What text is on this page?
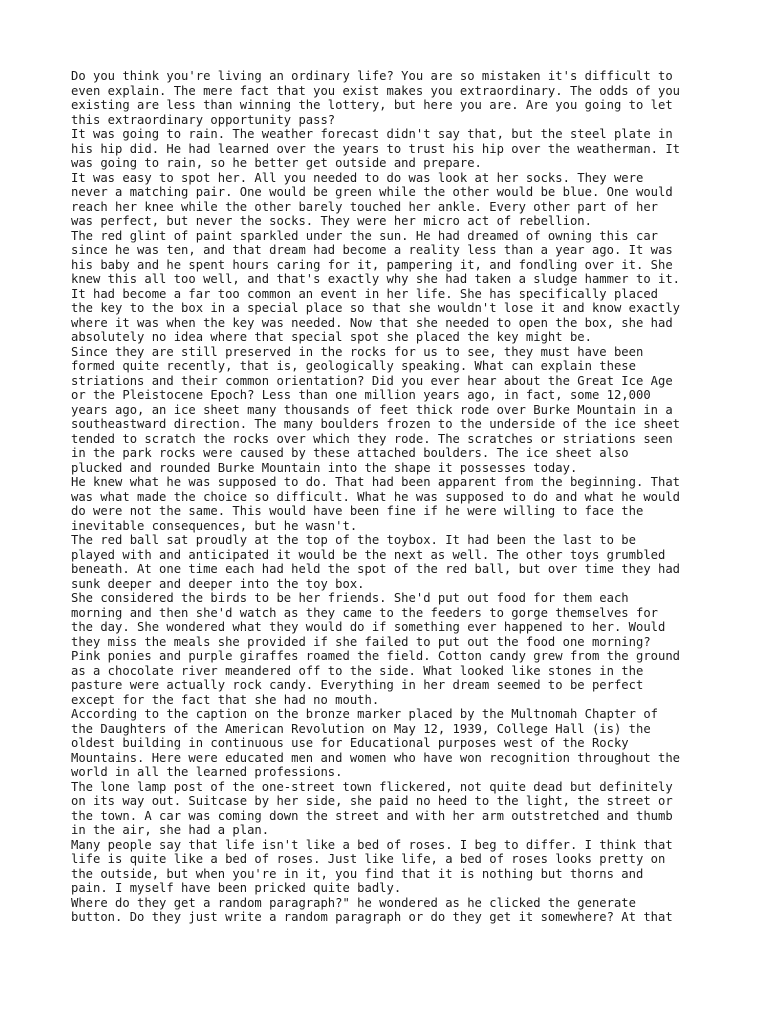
Do you think you're living an ordinary life? You are so mistaken it's difficult to
even explain. The mere fact that you exist makes you extraordinary. The odds of you
existing are less than winning the lottery, but here you are. Are you going to let
this extraordinary opportunity pass?

It was going to rain. The weather forecast didn't say that, but the steel plate in
his hip did. He had learned over the years to trust his hip over the weatherman. It
was going to rain, so he better get outside and prepare.

It was easy to spot her. All you needed to do was look at her socks. They were
never a matching pair. One would be green while the other would be blue. One would
reach her knee while the other barely touched her ankle. Every other part of her
was perfect, but never the socks. They were her micro act of rebellion.

The red glint of paint sparkled under the sun. He had dreamed of owning this car
since he was ten, and that dream had become a reality less than a year ago. It was
his baby and he spent hours caring for it, pampering it, and fondling over it. She
knew this all too well, and that's exactly why she had taken a sludge hammer to it.

It had become a far too common an event in her life. She has specifically placed
the key to the box in a special place so that she wouldn't lose it and know exactly
where it was when the key was needed. Now that she needed to open the box, she had
absolutely no idea where that special spot she placed the key might be.

Since they are still preserved in the rocks for us to see, they must have been
formed quite recently, that is, geologically speaking. What can explain these
striations and their common orientation? Did you ever hear about the Great Ice Age
or the Pleistocene Epoch? Less than one million years ago, in fact, some 12,000
years ago, an ice sheet many thousands of feet thick rode over Burke Mountain in a
southeastward direction. The many boulders frozen to the underside of the ice sheet
tended to scratch the rocks over which they rode. The scratches or striations seen
in the park rocks were caused by these attached boulders. The ice sheet also
plucked and rounded Burke Mountain into the shape it possesses today.

He knew what he was supposed to do. That had been apparent from the beginning. That
was what made the choice so difficult. What he was supposed to do and what he would
do were not the same. This would have been fine if he were willing to face the
inevitable consequences, but he wasn't.

The red ball sat proudly at the top of the toybox. It had been the last to be
played with and anticipated it would be the next as well. The other toys grumbled
beneath. At one time each had held the spot of the red ball, but over time they had
sunk deeper and deeper into the toy box.

She considered the birds to be her friends. She'd put out food for them each
morning and then she'd watch as they came to the feeders to gorge themselves for
the day. She wondered what they would do if something ever happened to her. Would
they miss the meals she provided if she failed to put out the food one morning?

Pink ponies and purple giraffes roamed the field. Cotton candy grew from the ground
as a chocolate river meandered off to the side. What looked like stones in the
pasture were actually rock candy. Everything in her dream seemed to be perfect
except for the fact that she had no mouth.

According to the caption on the bronze marker placed by the Multnomah Chapter of
the Daughters of the American Revolution on May 12, 1939, College Hall (is) the
oldest building in continuous use for Educational purposes west of the Rocky
Mountains. Here were educated men and women who have won recognition throughout the
world in all the learned professions.

The lone lamp post of the one-street town flickered, not quite dead but definitely
on its way out. Suitcase by her side, she paid no heed to the light, the street or
the town. A car was coming down the street and with her arm outstretched and thumb
in the air, she had a plan.

Many people say that life isn't like a bed of roses. I beg to differ. I think that
life is quite like a bed of roses. Just like life, a bed of roses looks pretty on
the outside, but when you're in it, you find that it is nothing but thorns and
pain. I myself have been pricked quite badly.

Where do they get a random paragraph?" he wondered as he clicked the generate
button. Do they just write a random paragraph or do they get it somewhere? At that
